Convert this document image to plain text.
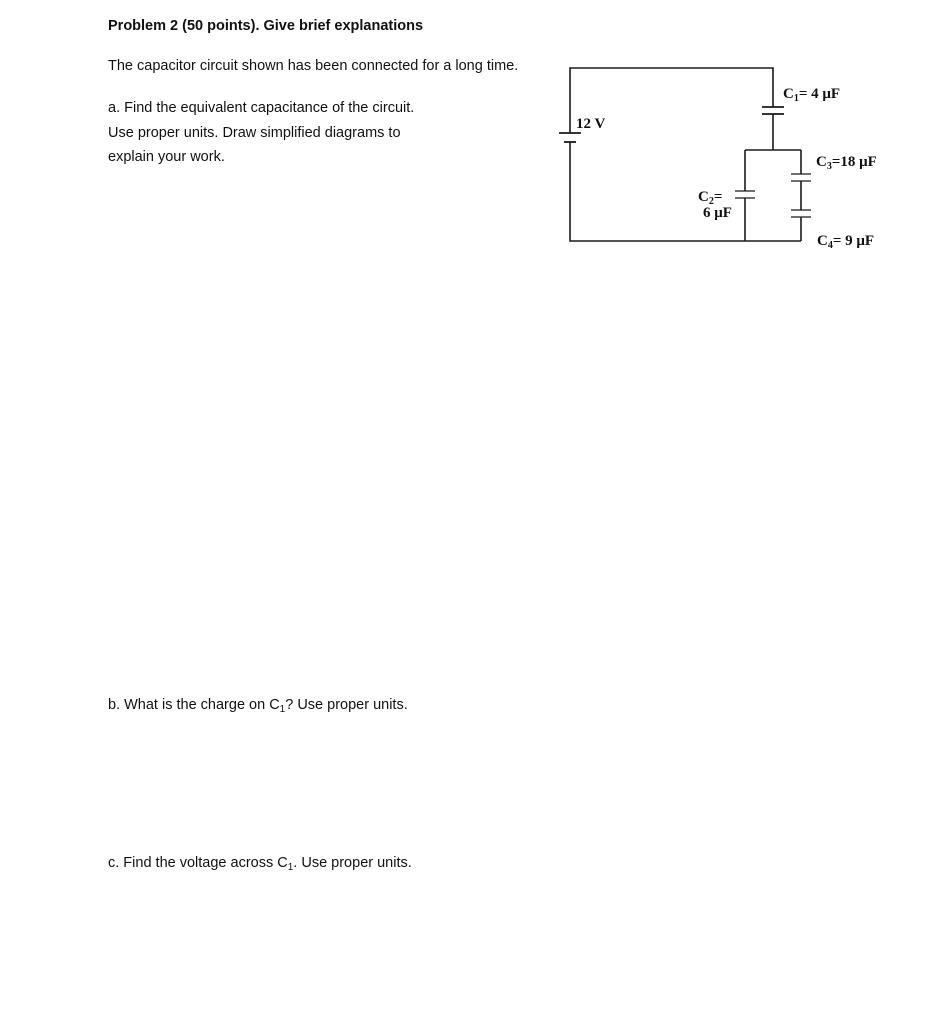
Problem 2 (50 points). Give brief explanations
The capacitor circuit shown has been connected for a long time.
a. Find the equivalent capacitance of the circuit.
Use proper units. Draw simplified diagrams to
explain your work.
b. What is the charge on $C_1$? Use proper units.
c. Find the voltage across $C_1$. Use proper units.
12 V
$C_1= 4$ μF
$C_2=$
6 μF
$C_3=18$ μF
$C_4= 9$ μF
